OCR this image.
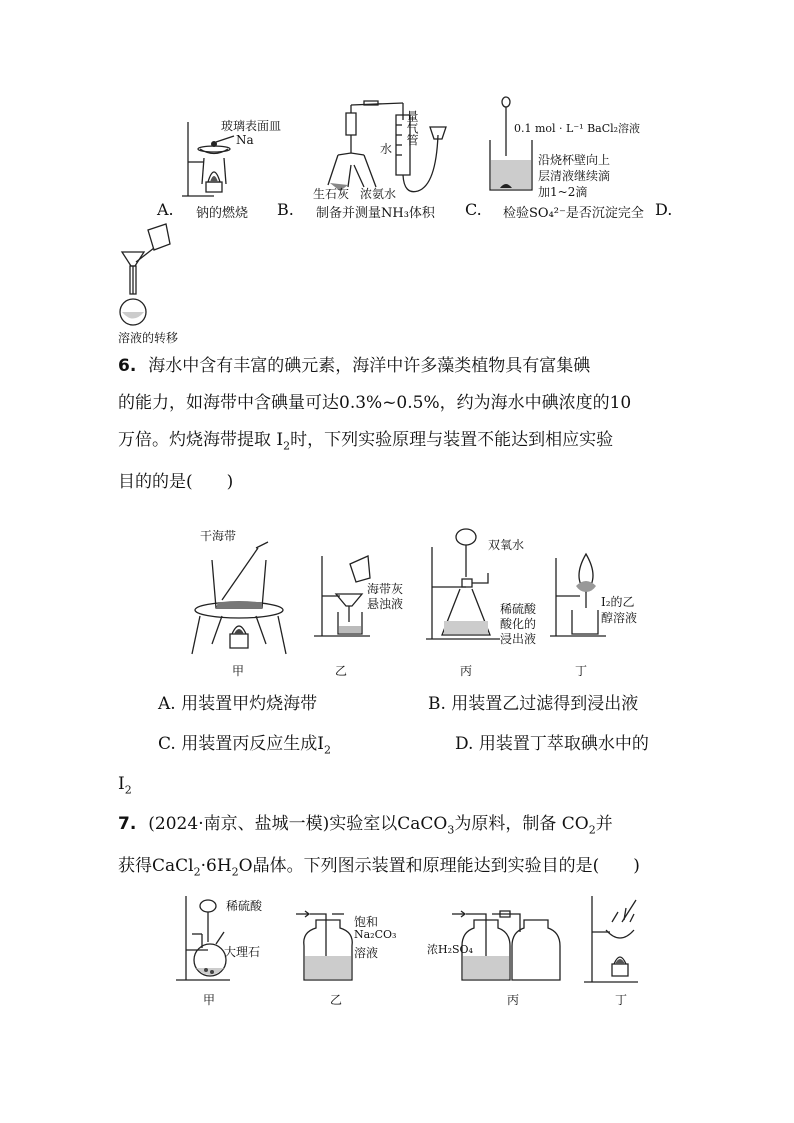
玻璃表面皿
Na
A. 钠的燃烧
量气管
水
生石灰 浓氨水
B. 制备并测量NH₃体积
0.1 mol · L⁻¹ BaCl₂溶液
沿烧杯壁向上
层清液继续滴
加1~2滴
C. 检验SO₄²⁻是否沉淀完全 D.
溶液的转移
6. 海水中含有丰富的碘元素，海洋中许多藻类植物具有富集碘
的能力，如海带中含碘量可达0.3%~0.5%，约为海水中碘浓度的10
万倍。灼烧海带提取 $I_2$时，下列实验原理与装置不能达到相应实验
目的的是(　　)
干海带
甲
海带灰
悬浊液
乙
双氧水
稀硫酸
酸化的
浸出液
丙
I₂的乙
醇溶液
丁
A. 用装置甲灼烧海带	B. 用装置乙过滤得到浸出液
C. 用装置丙反应生成$I_2$	D. 用装置丁萃取碘水中的
$I_2$
7. (2024·南京、盐城一模)实验室以CaCO$_3$为原料，制备 $CO_2$并
获得$CaCl_2\cdot 6H_2O$晶体。下列图示装置和原理能达到实验目的是(　　)
稀硫酸
大理石
甲
饱和
Na₂CO₃
溶液
乙
浓H₂SO₄
丙	丁
